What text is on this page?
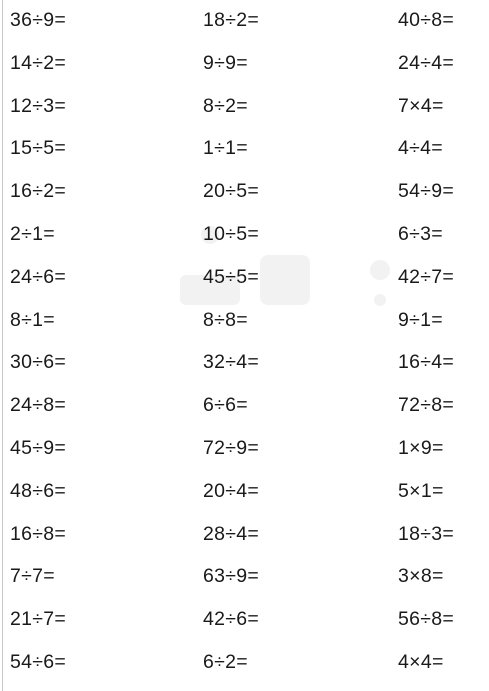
36÷9=	18÷2=	40÷8=
14÷2=	9÷9=	24÷4=
12÷3=	8÷2=	7×4=
15÷5=	1÷1=	4÷4=
16÷2=	20÷5=	54÷9=
2÷1=	10÷5=	6÷3=
24÷6=	45÷5=	42÷7=
8÷1=	8÷8=	9÷1=
30÷6=	32÷4=	16÷4=
24÷8=	6÷6=	72÷8=
45÷9=	72÷9=	1×9=
48÷6=	20÷4=	5×1=
16÷8=	28÷4=	18÷3=
7÷7=	63÷9=	3×8=
21÷7=	42÷6=	56÷8=
54÷6=	6÷2=	4×4=
